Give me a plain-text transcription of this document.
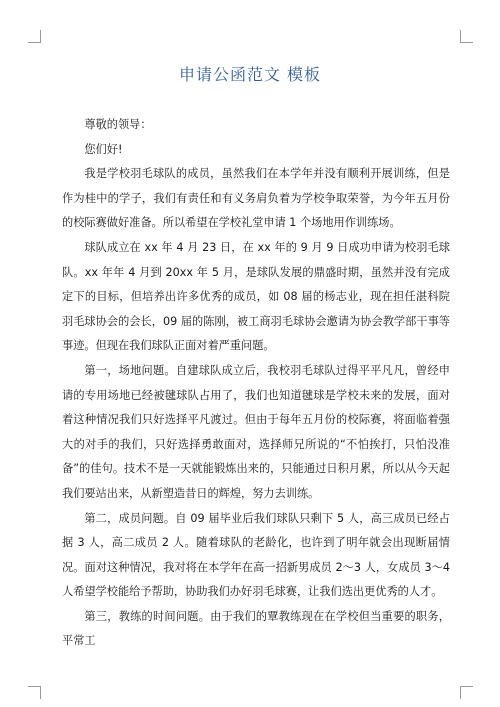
申请公函范文 模板

尊敬的领导：

您们好!

我是学校羽毛球队的成员，虽然我们在本学年并没有顺利开展训练，但是作为桂中的学子，我们有责任和有义务肩负着为学校争取荣誉，为今年五月份的校际赛做好准备。所以希望在学校礼堂申请 1 个场地用作训练场。

球队成立在 xx 年 4 月 23 日，在 xx 年的 9 月 9 日成功申请为校羽毛球队。xx 年年 4 月到 20xx 年 5 月，是球队发展的鼎盛时期，虽然并没有完成定下的目标，但培养出许多优秀的成员，如 08 届的杨志业，现在担任湛科院羽毛球协会的会长，09 届的陈刚，被工商羽毛球协会邀请为协会教学部干事等事迹。但现在我们球队正面对着严重问题。

第一，场地问题。自建球队成立后，我校羽毛球队过得平平凡凡，曾经申请的专用场地已经被毽球队占用了，我们也知道毽球是学校未来的发展，面对着这种情况我们只好选择平凡渡过。但由于每年五月份的校际赛，将面临着强大的对手的我们，只好选择勇敢面对，选择师兄所说的“不怕挨打，只怕没准备”的佳句。技术不是一天就能锻炼出来的，只能通过日积月累，所以从今天起我们要站出来，从新塑造昔日的辉煌，努力去训练。

第二，成员问题。自 09 届毕业后我们球队只剩下 5 人，高三成员已经占据 3 人，高二成员 2 人。随着球队的老龄化，也许到了明年就会出现断届情况。面对这种情况，我对将在本学年在高一招新男成员 2～3 人，女成员 3～4 人希望学校能给予帮助，协助我们办好羽毛球赛，让我们选出更优秀的人才。

第三，教练的时间问题。由于我们的覃教练现在在学校但当重要的职务，平常工
